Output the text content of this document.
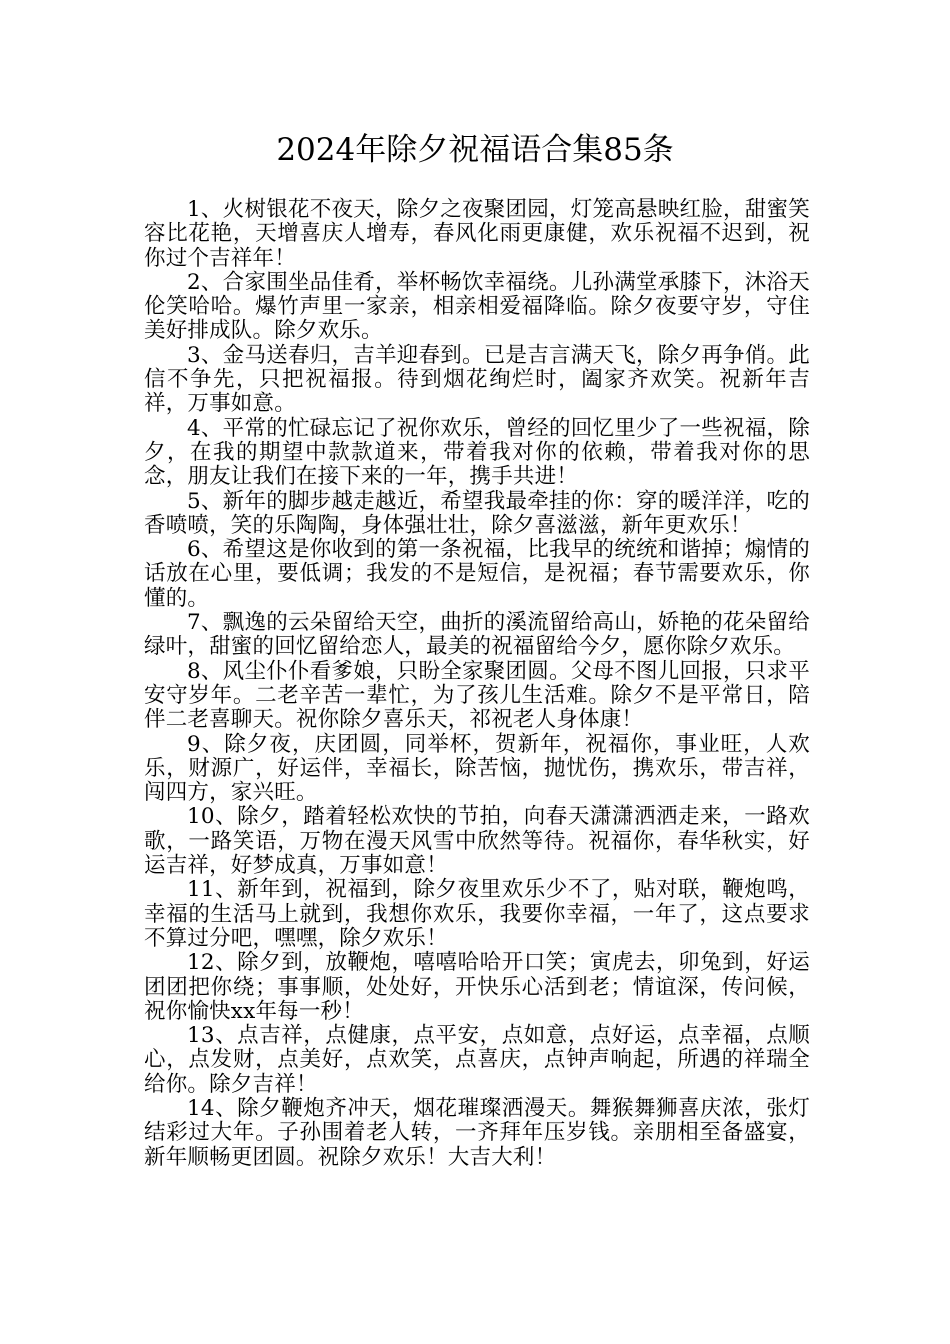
2024年除夕祝福语合集85条

1、火树银花不夜天，除夕之夜聚团园，灯笼高悬映红脸，甜蜜笑容比花艳，天增喜庆人增寿，春风化雨更康健，欢乐祝福不迟到，祝你过个吉祥年！

2、合家围坐品佳肴，举杯畅饮幸福绕。儿孙满堂承膝下，沐浴天伦笑哈哈。爆竹声里一家亲，相亲相爱福降临。除夕夜要守岁，守住美好排成队。除夕欢乐。

3、金马送春归，吉羊迎春到。已是吉言满天飞，除夕再争俏。此信不争先，只把祝福报。待到烟花绚烂时，阖家齐欢笑。祝新年吉祥，万事如意。

4、平常的忙碌忘记了祝你欢乐，曾经的回忆里少了一些祝福，除夕，在我的期望中款款道来，带着我对你的依赖，带着我对你的思念，朋友让我们在接下来的一年，携手共进！

5、新年的脚步越走越近，希望我最牵挂的你：穿的暖洋洋，吃的香喷喷，笑的乐陶陶，身体强壮壮，除夕喜滋滋，新年更欢乐！

6、希望这是你收到的第一条祝福，比我早的统统和谐掉；煽情的话放在心里，要低调；我发的不是短信，是祝福；春节需要欢乐，你懂的。

7、飘逸的云朵留给天空，曲折的溪流留给高山，娇艳的花朵留给绿叶，甜蜜的回忆留给恋人，最美的祝福留给今夕，愿你除夕欢乐。

8、风尘仆仆看爹娘，只盼全家聚团圆。父母不图儿回报，只求平安守岁年。二老辛苦一辈忙，为了孩儿生活难。除夕不是平常日，陪伴二老喜聊天。祝你除夕喜乐天，祁祝老人身体康！

9、除夕夜，庆团圆，同举杯，贺新年，祝福你，事业旺，人欢乐，财源广，好运伴，幸福长，除苦恼，抛忧伤，携欢乐，带吉祥，闯四方，家兴旺。

10、除夕，踏着轻松欢快的节拍，向春天潇潇洒洒走来，一路欢歌，一路笑语，万物在漫天风雪中欣然等待。祝福你，春华秋实，好运吉祥，好梦成真，万事如意！

11、新年到，祝福到，除夕夜里欢乐少不了，贴对联，鞭炮鸣，幸福的生活马上就到，我想你欢乐，我要你幸福，一年了，这点要求不算过分吧，嘿嘿，除夕欢乐！

12、除夕到，放鞭炮，嘻嘻哈哈开口笑；寅虎去，卯兔到，好运团团把你绕；事事顺，处处好，开快乐心活到老；情谊深，传问候，祝你愉快xx年每一秒！

13、点吉祥，点健康，点平安，点如意，点好运，点幸福，点顺心，点发财，点美好，点欢笑，点喜庆，点钟声响起，所遇的祥瑞全给你。除夕吉祥！

14、除夕鞭炮齐冲天，烟花璀璨洒漫天。舞猴舞狮喜庆浓，张灯结彩过大年。子孙围着老人转，一齐拜年压岁钱。亲朋相至备盛宴，新年顺畅更团圆。祝除夕欢乐！大吉大利！
